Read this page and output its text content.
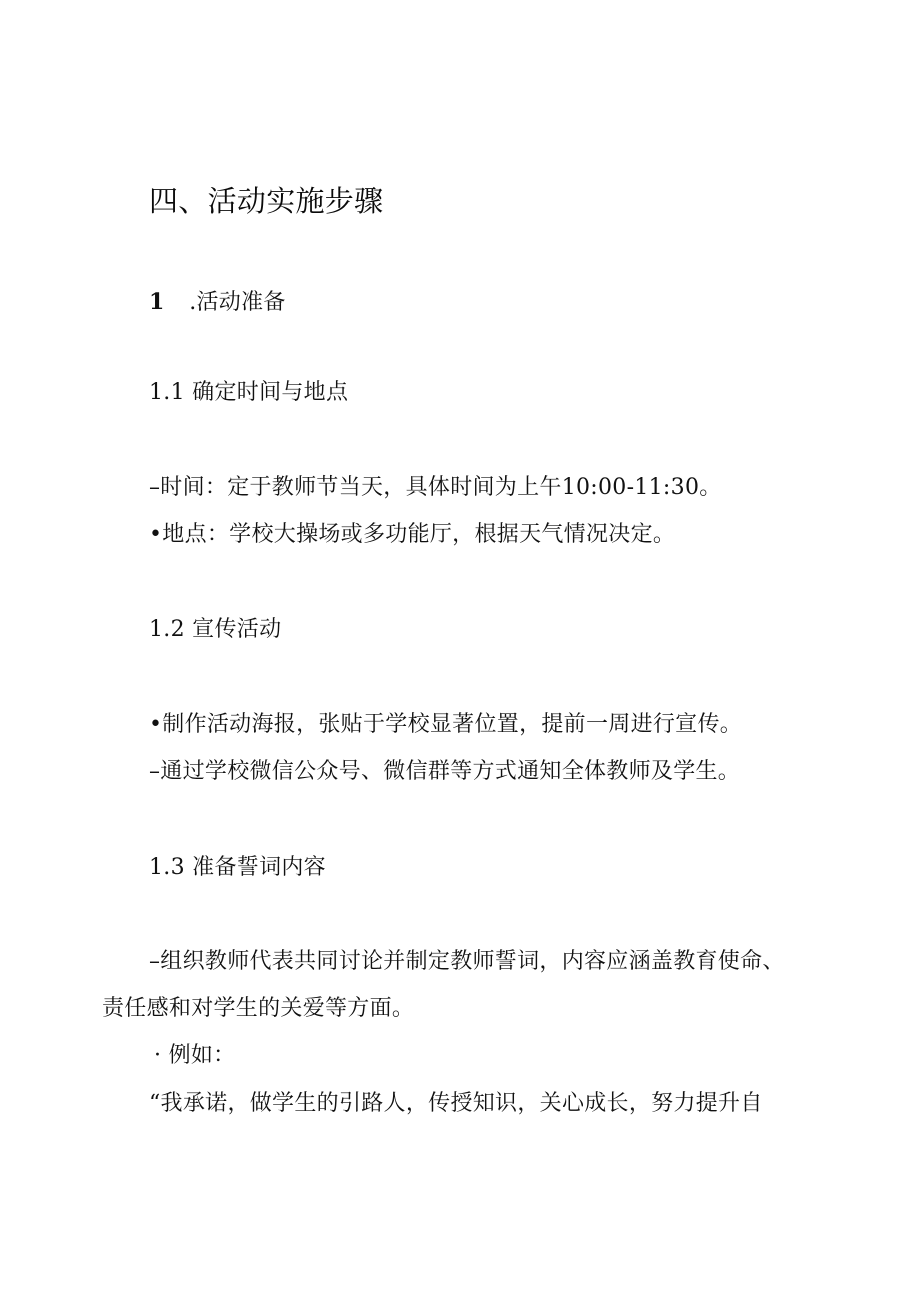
四、活动实施步骤
1 .活动准备
1.1 确定时间与地点
–时间：定于教师节当天，具体时间为上午10:00-11:30。
•地点：学校大操场或多功能厅，根据天气情况决定。
1.2 宣传活动
•制作活动海报，张贴于学校显著位置，提前一周进行宣传。
–通过学校微信公众号、微信群等方式通知全体教师及学生。
1.3 准备誓词内容
–组织教师代表共同讨论并制定教师誓词，内容应涵盖教育使命、
责任感和对学生的关爱等方面。
· 例如：
“我承诺，做学生的引路人，传授知识，关心成长，努力提升自
